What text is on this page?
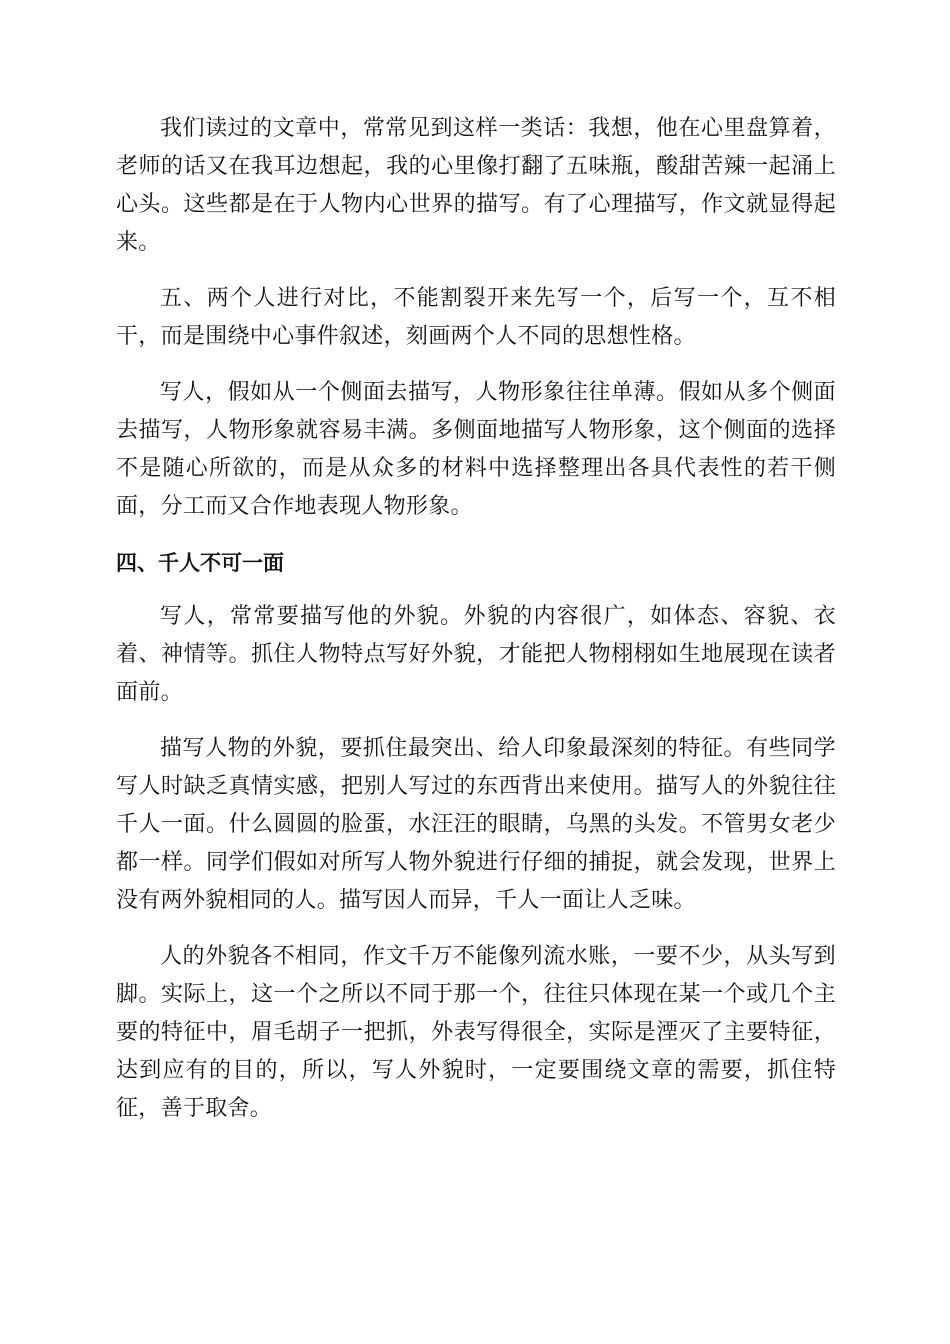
我们读过的文章中，常常见到这样一类话：我想，他在心里盘算着，老师的话又在我耳边想起，我的心里像打翻了五味瓶，酸甜苦辣一起涌上心头。这些都是在于人物内心世界的描写。有了心理描写，作文就显得起来。

五、两个人进行对比，不能割裂开来先写一个，后写一个，互不相干，而是围绕中心事件叙述，刻画两个人不同的思想性格。

写人，假如从一个侧面去描写，人物形象往往单薄。假如从多个侧面去描写，人物形象就容易丰满。多侧面地描写人物形象，这个侧面的选择不是随心所欲的，而是从众多的材料中选择整理出各具代表性的若干侧面，分工而又合作地表现人物形象。

四、千人不可一面

写人，常常要描写他的外貌。外貌的内容很广，如体态、容貌、衣着、神情等。抓住人物特点写好外貌，才能把人物栩栩如生地展现在读者面前。

描写人物的外貌，要抓住最突出、给人印象最深刻的特征。有些同学写人时缺乏真情实感，把别人写过的东西背出来使用。描写人的外貌往往千人一面。什么圆圆的脸蛋，水汪汪的眼睛，乌黑的头发。不管男女老少都一样。同学们假如对所写人物外貌进行仔细的捕捉，就会发现，世界上没有两外貌相同的人。描写因人而异，千人一面让人乏味。

人的外貌各不相同，作文千万不能像列流水账，一要不少，从头写到脚。实际上，这一个之所以不同于那一个，往往只体现在某一个或几个主要的特征中，眉毛胡子一把抓，外表写得很全，实际是湮灭了主要特征，达到应有的目的，所以，写人外貌时，一定要围绕文章的需要，抓住特征，善于取舍。
